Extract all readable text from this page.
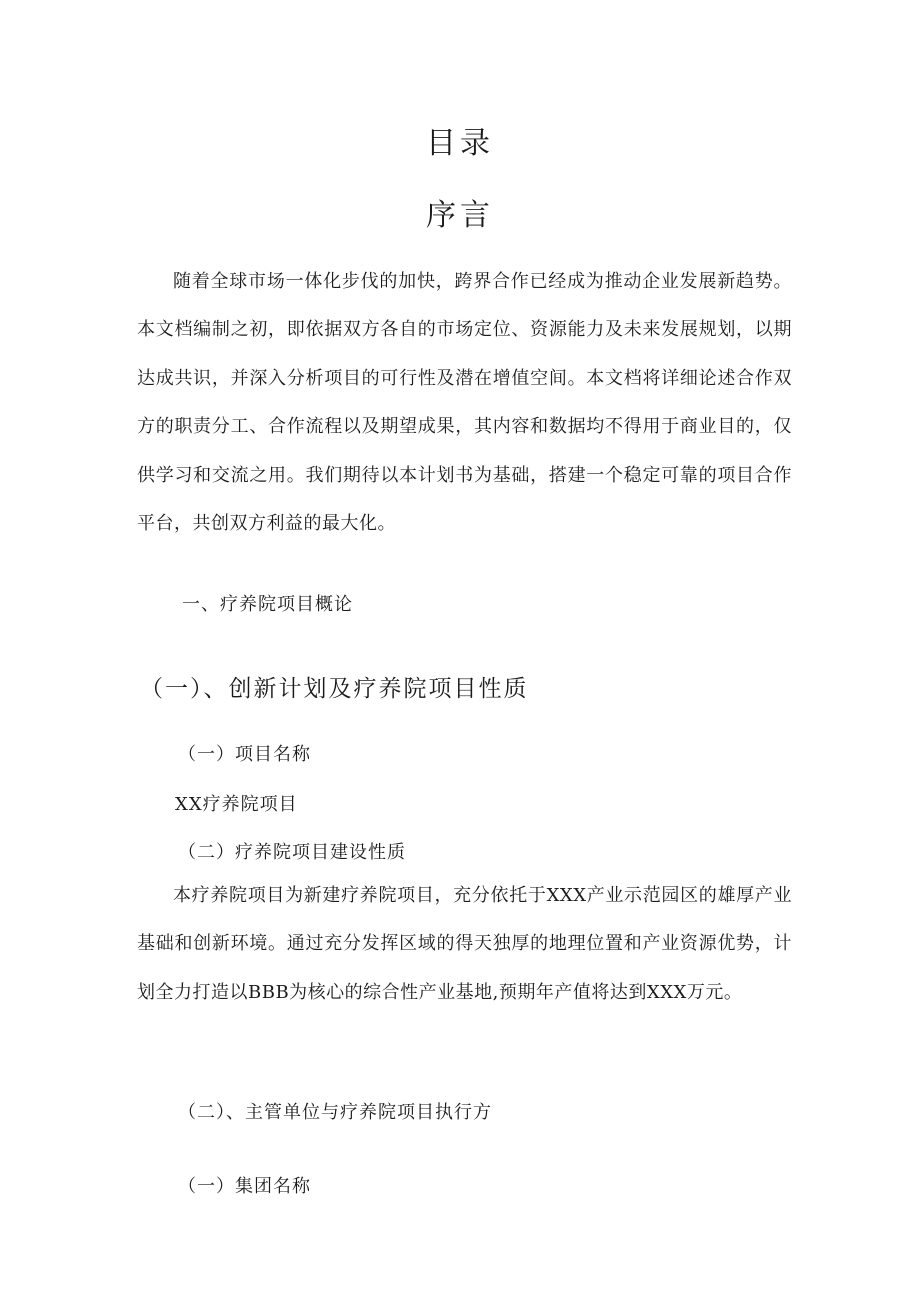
目录
序言

随着全球市场一体化步伐的加快，跨界合作已经成为推动企业发展新趋势。本文档编制之初，即依据双方各自的市场定位、资源能力及未来发展规划，以期达成共识，并深入分析项目的可行性及潜在增值空间。本文档将详细论述合作双方的职责分工、合作流程以及期望成果，其内容和数据均不得用于商业目的，仅供学习和交流之用。我们期待以本计划书为基础，搭建一个稳定可靠的项目合作平台，共创双方利益的最大化。

一、疗养院项目概论
（一）、创新计划及疗养院项目性质
（一）项目名称
XX疗养院项目
（二）疗养院项目建设性质

本疗养院项目为新建疗养院项目，充分依托于XXX产业示范园区的雄厚产业基础和创新环境。通过充分发挥区域的得天独厚的地理位置和产业资源优势，计划全力打造以BBB为核心的综合性产业基地,预期年产值将达到XXX万元。

（二）、主管单位与疗养院项目执行方
（一）集团名称
